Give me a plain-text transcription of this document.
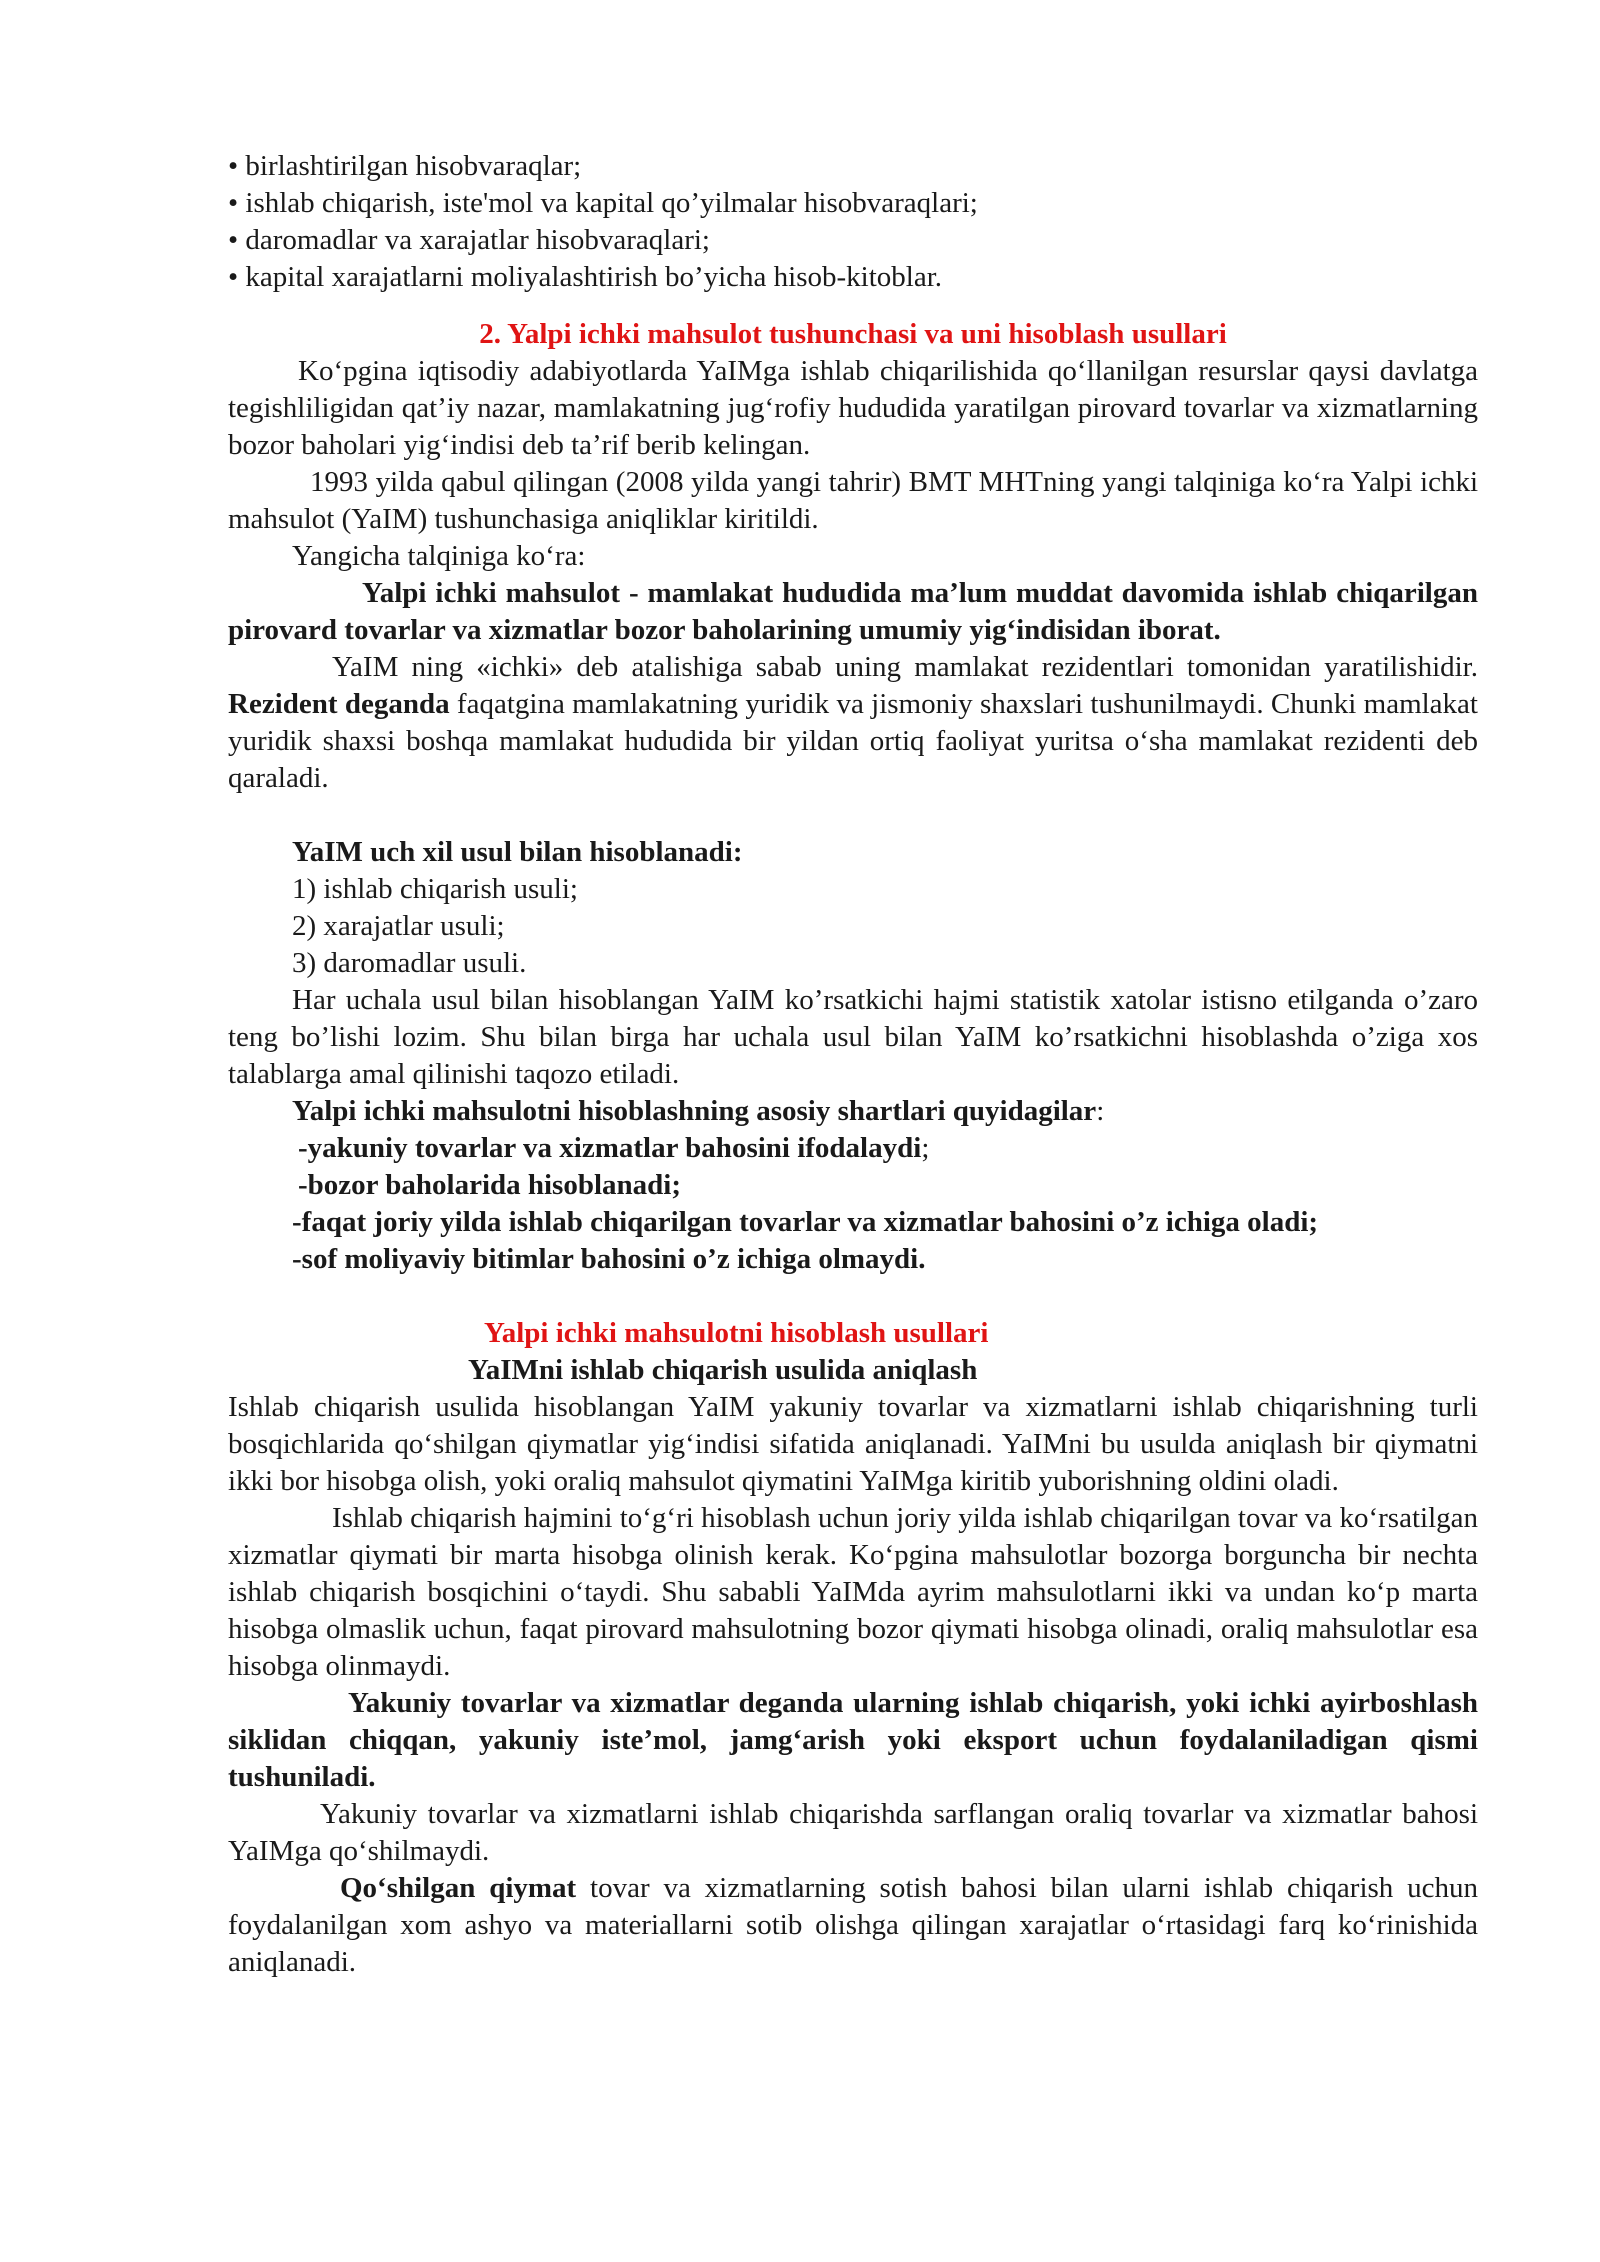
• birlashtirilgan hisobvaraqlar;
• ishlab chiqarish, iste'mol va kapital qo’yilmalar hisobvaraqlari;
• daromadlar va xarajatlar hisobvaraqlari;
• kapital xarajatlarni moliyalashtirish bo’yicha hisob-kitoblar.

2. Yalpi ichki mahsulot tushunchasi va uni hisoblash usullari

Koʻpgina iqtisodiy adabiyotlarda YaIMga ishlab chiqarilishida qoʻllanilgan resurslar qaysi davlatga tegishliligidan qatʼiy nazar, mamlakatning jugʻrofiy hududida yaratilgan pirovard tovarlar va xizmatlarning bozor baholari yigʻindisi deb taʼrif berib kelingan.

1993 yilda qabul qilingan (2008 yilda yangi tahrir) BMT MHTning yangi talqiniga koʻra Yalpi ichki mahsulot (YaIM) tushunchasiga aniqliklar kiritildi.

Yangicha talqiniga koʻra:

Yalpi ichki mahsulot - mamlakat hududida ma’lum muddat davomida ishlab chiqarilgan pirovard tovarlar va xizmatlar bozor baholarining umumiy yig‘indisidan iborat.

YaIM ning «ichki» deb atalishiga sabab uning mamlakat rezidentlari tomonidan yaratilishidir. Rezident deganda faqatgina mamlakatning yuridik va jismoniy shaxslari tushunilmaydi. Chunki mamlakat yuridik shaxsi boshqa mamlakat hududida bir yildan ortiq faoliyat yuritsa oʻsha mamlakat rezidenti deb qaraladi.

YaIM uch xil usul bilan hisoblanadi:

1) ishlab chiqarish usuli;

2) xarajatlar usuli;

3) daromadlar usuli.

Har uchala usul bilan hisoblangan YaIM ko’rsatkichi hajmi statistik xatolar istisno etilganda o’zaro teng bo’lishi lozim. Shu bilan birga har uchala usul bilan YaIM ko’rsatkichni hisoblashda o’ziga xos talablarga amal qilinishi taqozo etiladi.

Yalpi ichki mahsulotni hisoblashning asosiy shartlari quyidagilar:

-yakuniy tovarlar va xizmatlar bahosini ifodalaydi;

-bozor baholarida hisoblanadi;

-faqat joriy yilda ishlab chiqarilgan tovarlar va xizmatlar bahosini o’z ichiga oladi;

-sof moliyaviy bitimlar bahosini o’z ichiga olmaydi.

Yalpi ichki mahsulotni hisoblash usullari

YaIMni ishlab chiqarish usulida aniqlash

Ishlab chiqarish usulida hisoblangan YaIM yakuniy tovarlar va xizmatlarni ishlab chiqarishning turli bosqichlarida qoʻshilgan qiymatlar yigʻindisi sifatida aniqlanadi. YaIMni bu usulda aniqlash bir qiymatni ikki bor hisobga olish, yoki oraliq mahsulot qiymatini YaIMga kiritib yuborishning oldini oladi.

Ishlab chiqarish hajmini toʻgʻri hisoblash uchun joriy yilda ishlab chiqarilgan tovar va koʻrsatilgan xizmatlar qiymati bir marta hisobga olinish kerak. Koʻpgina mahsulotlar bozorga borguncha bir nechta ishlab chiqarish bosqichini oʻtaydi. Shu sababli YaIMda ayrim mahsulotlarni ikki va undan koʻp marta hisobga olmaslik uchun, faqat pirovard mahsulotning bozor qiymati hisobga olinadi, oraliq mahsulotlar esa hisobga olinmaydi.

Yakuniy tovarlar va xizmatlar deganda ularning ishlab chiqarish, yoki ichki ayirboshlash siklidan chiqqan, yakuniy isteʼmol, jamgʻarish yoki eksport uchun foydalaniladigan qismi tushuniladi.

Yakuniy tovarlar va xizmatlarni ishlab chiqarishda sarflangan oraliq tovarlar va xizmatlar bahosi YaIMga qoʻshilmaydi.

Qoʻshilgan qiymat tovar va xizmatlarning sotish bahosi bilan ularni ishlab chiqarish uchun foydalanilgan xom ashyo va materiallarni sotib olishga qilingan xarajatlar oʻrtasidagi farq koʻrinishida aniqlanadi.
